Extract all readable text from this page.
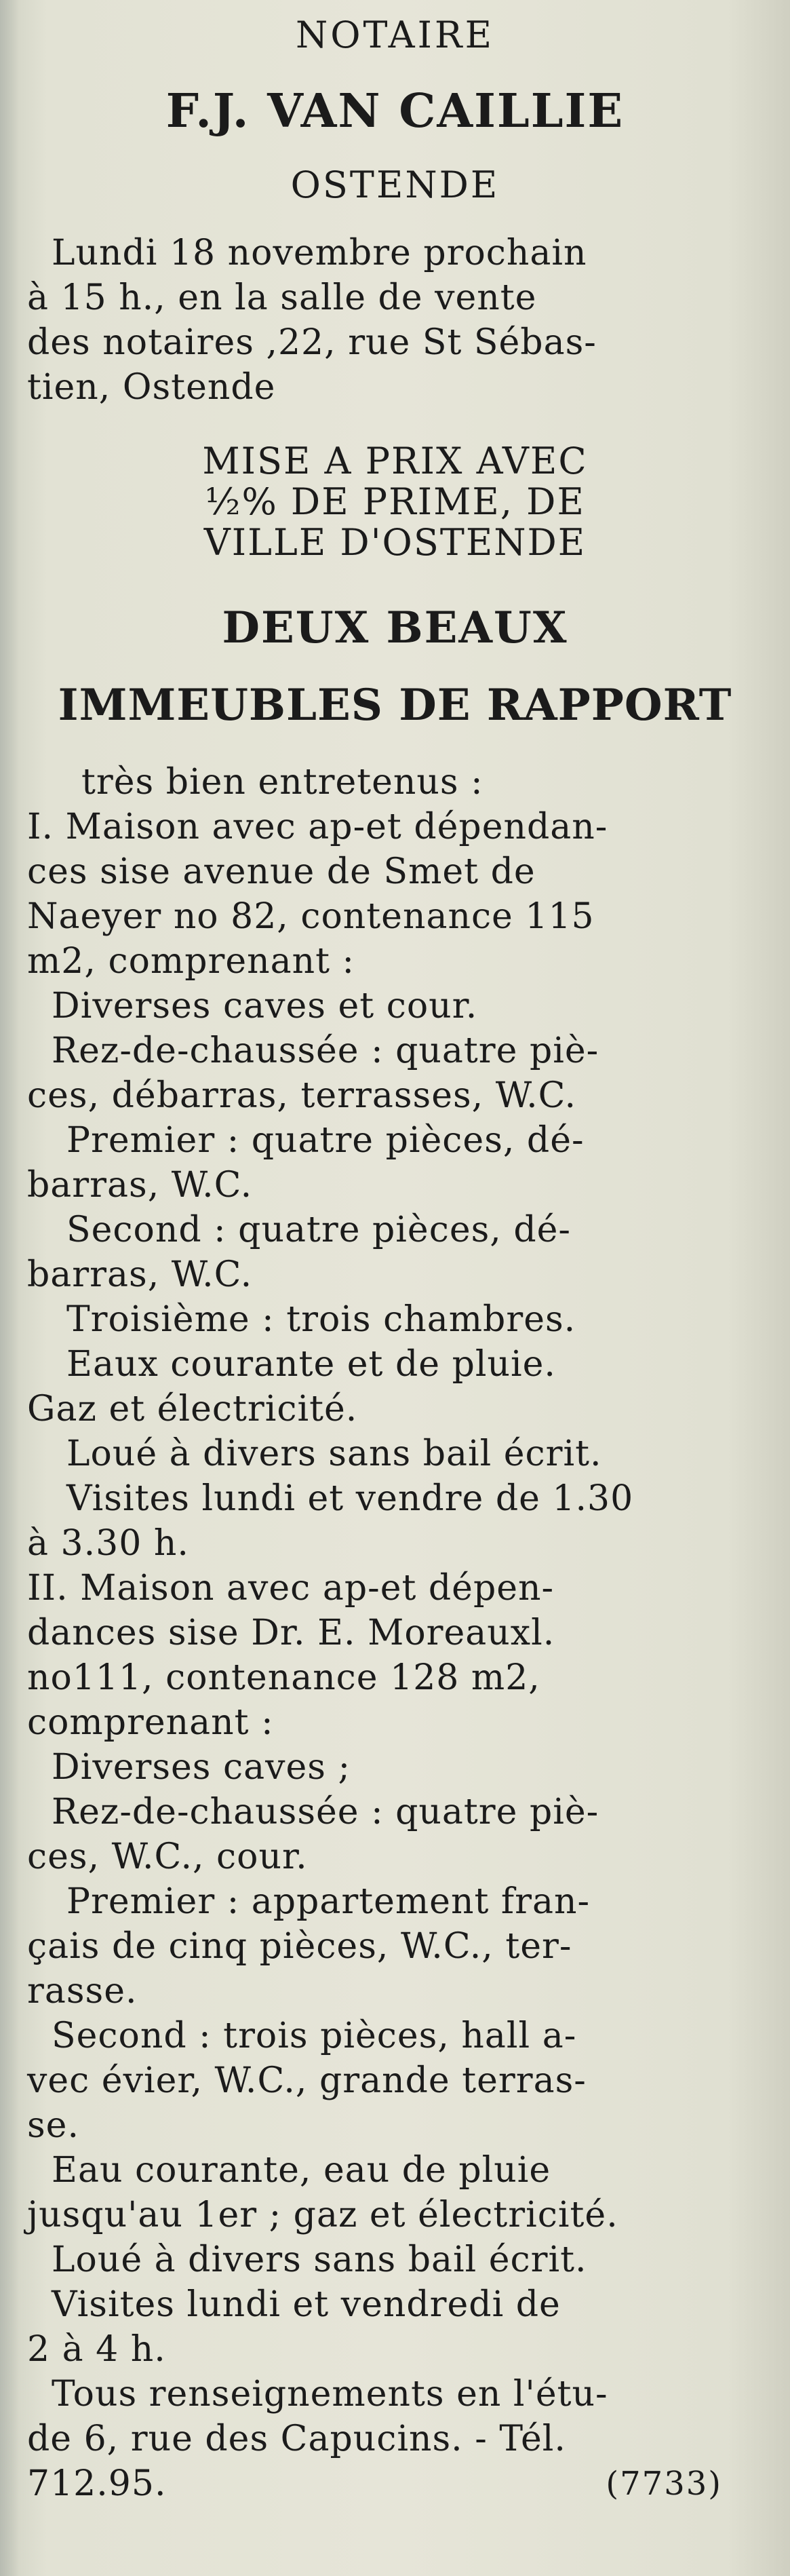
NOTAIRE
F.J. VAN CAILLIE
OSTENDE
Lundi 18 novembre prochain
à 15 h., en la salle de vente
des notaires ,22, rue St Sébas-
tien, Ostende
MISE A PRIX AVEC
½% DE PRIME, DE
VILLE D'OSTENDE
DEUX BEAUX
IMMEUBLES DE RAPPORT
très bien entretenus :
I. Maison avec ap-et dépendan-
ces sise avenue de Smet de
Naeyer no 82, contenance 115
m2, comprenant :
Diverses caves et cour.
Rez-de-chaussée : quatre piè-
ces, débarras, terrasses, W.C.
Premier : quatre pièces, dé-
barras, W.C.
Second : quatre pièces, dé-
barras, W.C.
Troisième : trois chambres.
Eaux courante et de pluie.
Gaz et électricité.
Loué à divers sans bail écrit.
Visites lundi et vendre de 1.30
à 3.30 h.
II. Maison avec ap-et dépen-
dances sise Dr. E. Moreauxl.
no111, contenance 128 m2,
comprenant :
Diverses caves ;
Rez-de-chaussée : quatre piè-
ces, W.C., cour.
Premier : appartement fran-
çais de cinq pièces, W.C., ter-
rasse.
Second : trois pièces, hall a-
vec évier, W.C., grande terras-
se.
Eau courante, eau de pluie
jusqu'au 1er ; gaz et électricité.
Loué à divers sans bail écrit.
Visites lundi et vendredi de
2 à 4 h.
Tous renseignements en l'étu-
de 6, rue des Capucins. - Tél.
712.95.	(7733)
